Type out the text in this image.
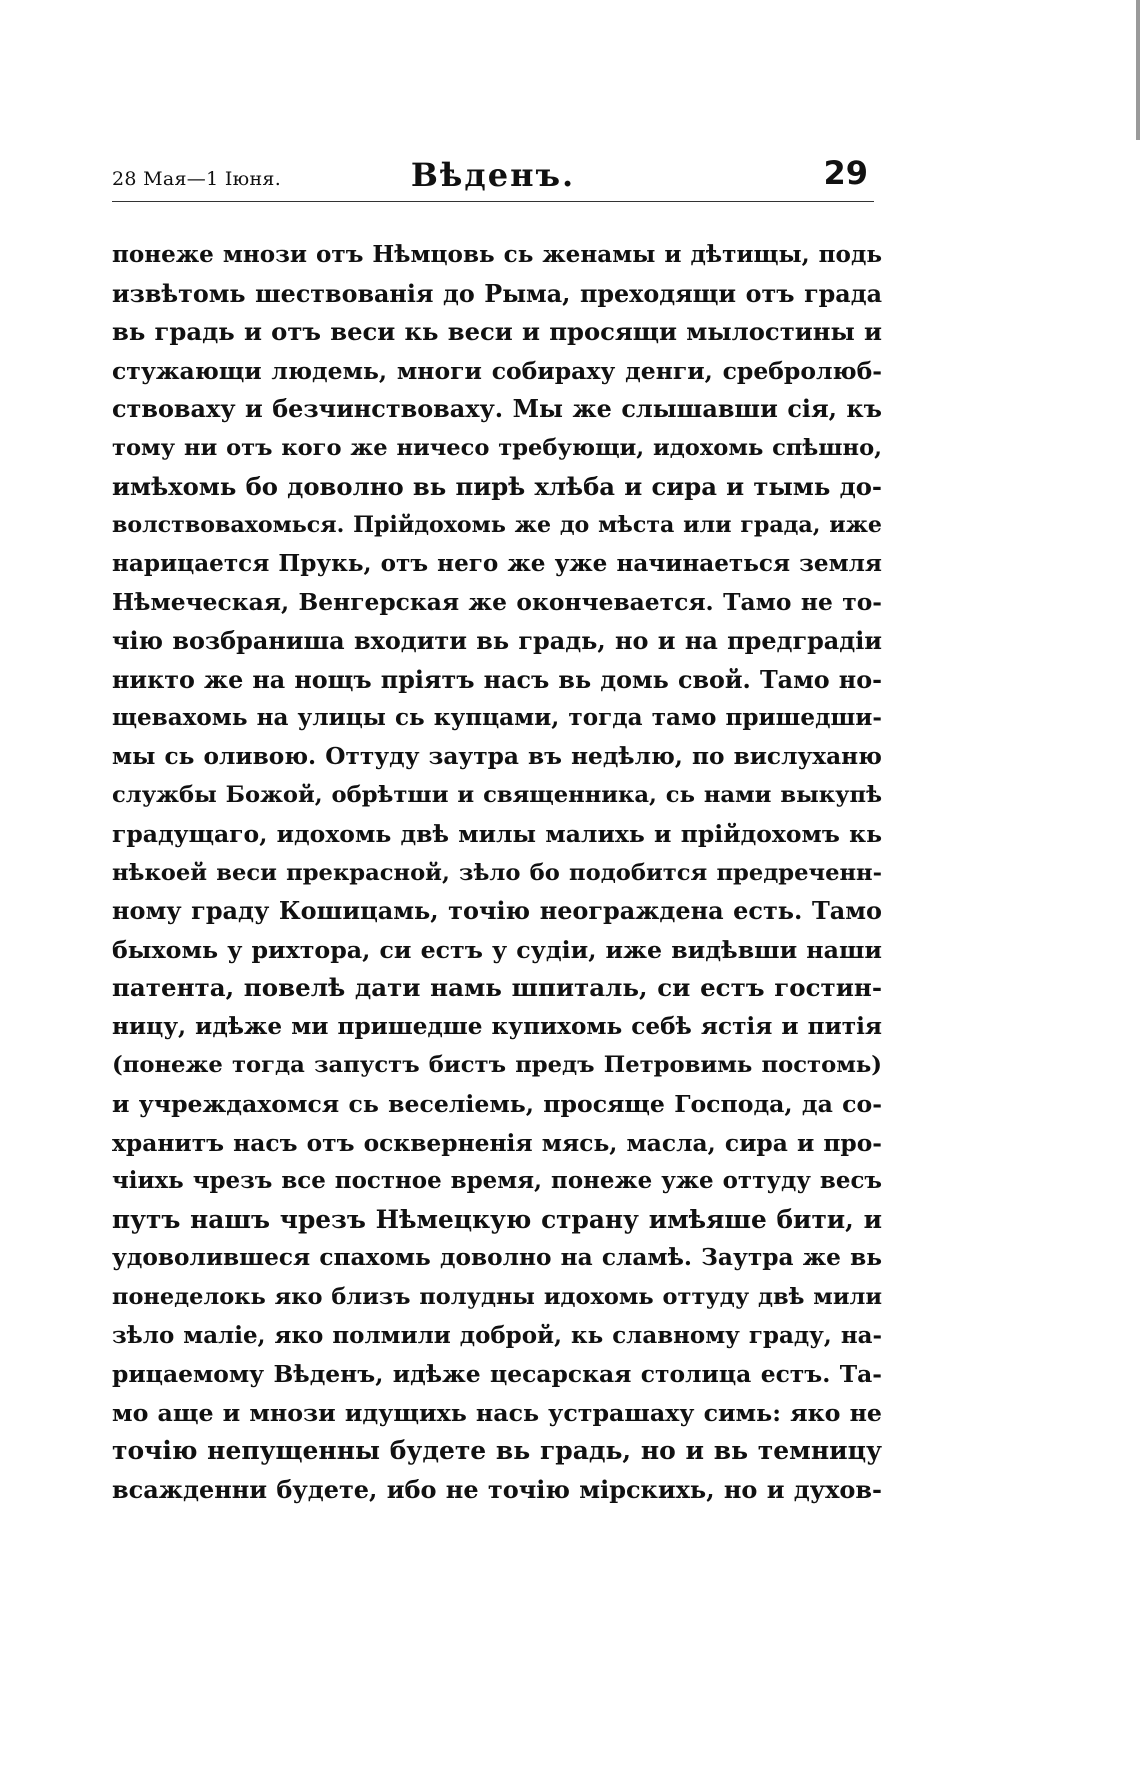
28 Мая—1 Іюня.	Вѣденъ.	29
понеже мнози отъ Нѣмцовь сь женамы и дѣтищы, подь
извѣтомь шествованія до Рыма, преходящи отъ града
вь градь и отъ веси кь веси и просящи мылостины и
стужающи людемь, многи собираху денги, сребролюб-
ствоваху и безчинствоваху. Мы же слышавши сія, къ
тому ни отъ кого же ничесо требующи, идохомь спѣшно,
имѣхомь бо доволно вь пирѣ хлѣба и сира и тымь до-
волствовахомься. Прійдохомь же до мѣста или града, иже
нарицается Прукь, отъ него же уже начинаеться земля
Нѣмеческая, Венгерская же окончевается. Тамо не то-
чію возбраниша входити вь градь, но и на предградіи
никто же на нощъ пріятъ насъ вь домь свой. Тамо но-
щевахомь на улицы сь купцами, тогда тамо пришедши-
мы сь оливою. Оттуду заутра въ недѣлю, по вислуханю
службы Божой, обрѣтши и священника, сь нами выкупѣ
градущаго, идохомь двѣ милы малихь и прійдохомъ кь
нѣкоей веси прекрасной, зѣло бо подобится предреченн-
ному граду Кошицамь, точію неограждена есть. Тамо
быхомь у рихтора, си естъ у судіи, иже видѣвши наши
патента, повелѣ дати намь шпиталь, си естъ гостин-
ницу, идѣже ми пришедше купихомь себѣ ястія и питія
(понеже тогда запустъ бистъ предъ Петровимь постомь)
и учреждахомся сь веселіемь, просяще Господа, да со-
хранитъ насъ отъ оскверненія мясь, масла, сира и про-
чіихь чрезъ все постное время, понеже уже оттуду весъ
путъ нашъ чрезъ Нѣмецкую страну имѣяше бити, и
удоволившеся спахомь доволно на сламѣ. Заутра же вь
понеделокь яко близъ полудны идохомь оттуду двѣ мили
зѣло маліе, яко полмили доброй, кь славному граду, на-
рицаемому Вѣденъ, идѣже цесарская столица естъ. Та-
мо аще и мнози идущихь нась устрашаху симь: яко не
точію непущенны будете вь градь, но и вь темницу
всажденни будете, ибо не точію мірскихь, но и духов-
